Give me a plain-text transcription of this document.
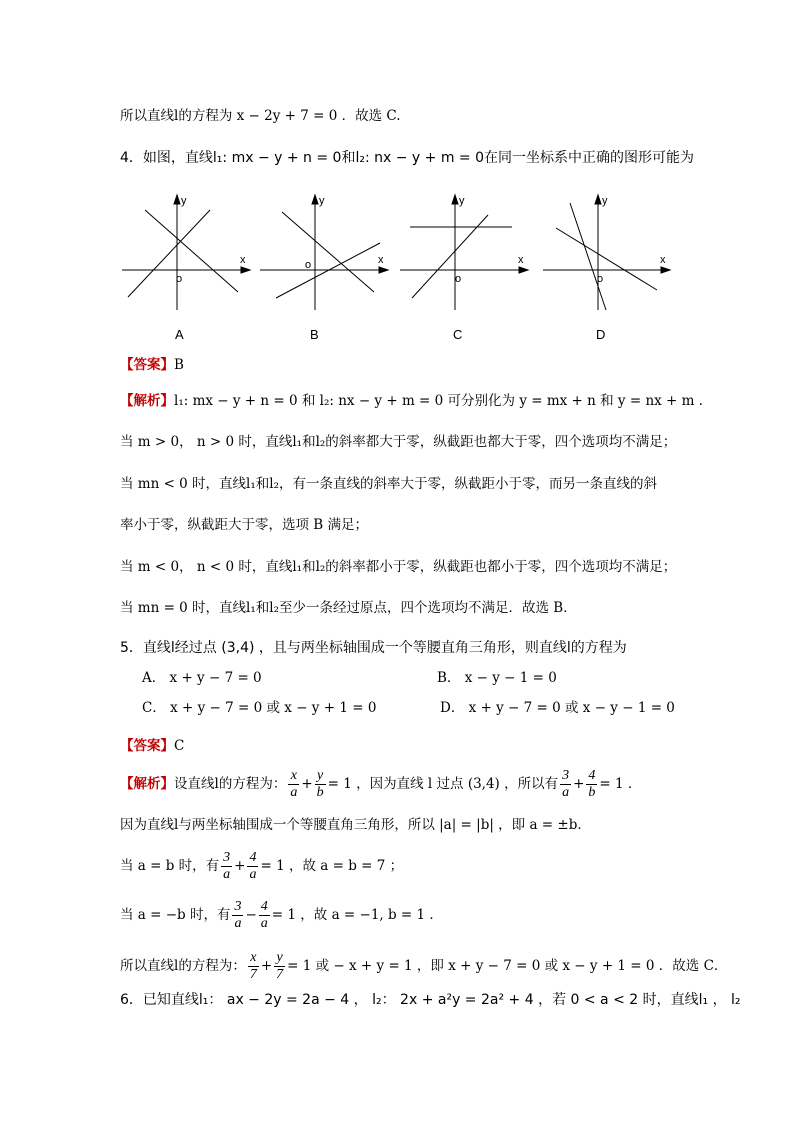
所以直线l的方程为 x − 2y + 7 = 0 ．故选 C.
4．如图，直线l₁: mx − y + n = 0和l₂: nx − y + m = 0在同一坐标系中正确的图形可能为
y
x
o
y
x
o
y
x
o
y
x
o
A	B	C	D
【答案】B
【解析】l₁: mx − y + n = 0 和 l₂: nx − y + m = 0 可分别化为 y = mx + n 和 y = nx + m ．
当 m > 0， n > 0 时，直线l₁和l₂的斜率都大于零，纵截距也都大于零，四个选项均不满足；
当 mn < 0 时，直线l₁和l₂，有一条直线的斜率大于零，纵截距小于零，而另一条直线的斜
率小于零，纵截距大于零，选项 B 满足；
当 m < 0， n < 0 时，直线l₁和l₂的斜率都小于零，纵截距也都小于零，四个选项均不满足；
当 mn = 0 时，直线l₁和l₂至少一条经过原点，四个选项均不满足．故选 B．
5．直线l经过点 (3,4) ，且与两坐标轴围成一个等腰直角三角形，则直线l的方程为
A． x + y − 7 = 0	B． x − y − 1 = 0
C． x + y − 7 = 0 或 x − y + 1 = 0	D． x + y − 7 = 0 或 x − y − 1 = 0
【答案】C
【解析】设直线l的方程为： $\frac{x}{a} + \frac{y}{b} = 1$ ，因为直线 l 过点 (3,4) ，所以有 $\frac{3}{a} + \frac{4}{b} = 1$ ．
因为直线l与两坐标轴围成一个等腰直角三角形，所以 |a| = |b| ，即 a = ±b．
当 a = b 时，有 $\frac{3}{a} + \frac{4}{a} = 1$ ，故 a = b = 7 ；
当 a = −b 时，有 $\frac{3}{a} - \frac{4}{a} = 1$ ，故 a = −1, b = 1 ．
所以直线l的方程为： $\frac{x}{7} + \frac{y}{7} = 1$ 或 − x + y = 1 ，即 x + y − 7 = 0 或 x − y + 1 = 0 ．故选 C．
6．已知直线l₁： ax − 2y = 2a − 4 ， l₂： 2x + a²y = 2a² + 4 ，若 0 < a < 2 时，直线l₁ ， l₂
